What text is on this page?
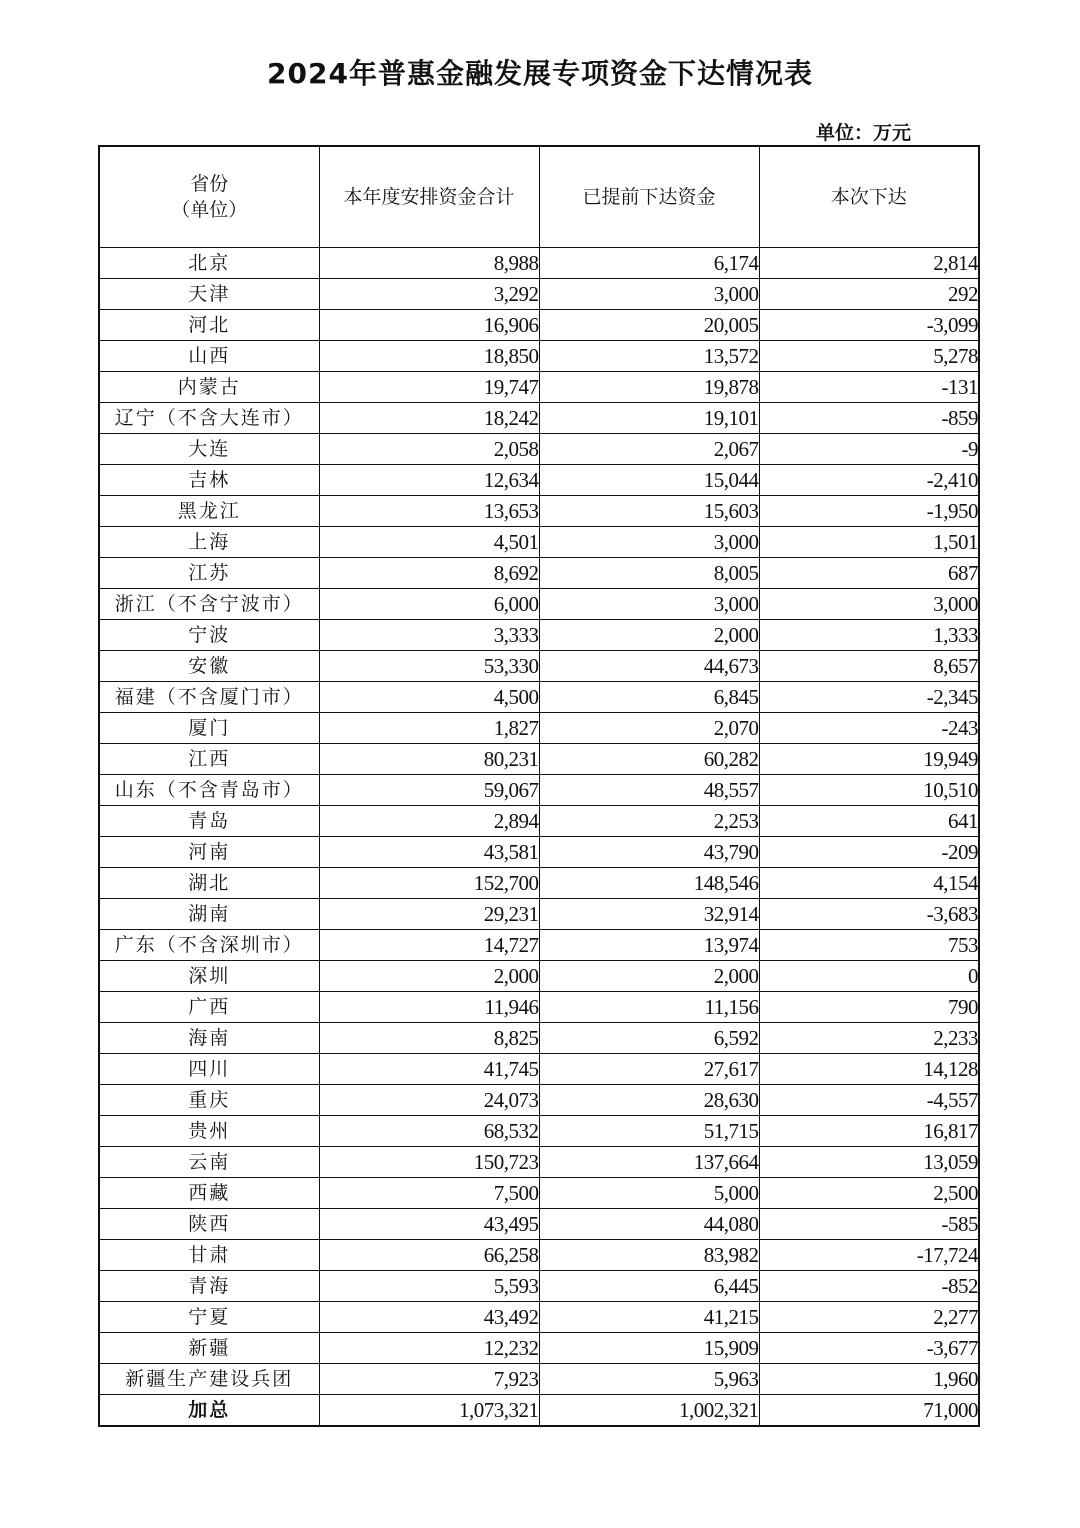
2024年普惠金融发展专项资金下达情况表
单位：万元
省份
（单位）	本年度安排资金合计	已提前下达资金	本次下达
北京	8,988	6,174	2,814
天津	3,292	3,000	292
河北	16,906	20,005	-3,099
山西	18,850	13,572	5,278
内蒙古	19,747	19,878	-131
辽宁（不含大连市）	18,242	19,101	-859
大连	2,058	2,067	-9
吉林	12,634	15,044	-2,410
黑龙江	13,653	15,603	-1,950
上海	4,501	3,000	1,501
江苏	8,692	8,005	687
浙江（不含宁波市）	6,000	3,000	3,000
宁波	3,333	2,000	1,333
安徽	53,330	44,673	8,657
福建（不含厦门市）	4,500	6,845	-2,345
厦门	1,827	2,070	-243
江西	80,231	60,282	19,949
山东（不含青岛市）	59,067	48,557	10,510
青岛	2,894	2,253	641
河南	43,581	43,790	-209
湖北	152,700	148,546	4,154
湖南	29,231	32,914	-3,683
广东（不含深圳市）	14,727	13,974	753
深圳	2,000	2,000	0
广西	11,946	11,156	790
海南	8,825	6,592	2,233
四川	41,745	27,617	14,128
重庆	24,073	28,630	-4,557
贵州	68,532	51,715	16,817
云南	150,723	137,664	13,059
西藏	7,500	5,000	2,500
陕西	43,495	44,080	-585
甘肃	66,258	83,982	-17,724
青海	5,593	6,445	-852
宁夏	43,492	41,215	2,277
新疆	12,232	15,909	-3,677
新疆生产建设兵团	7,923	5,963	1,960
加总	1,073,321	1,002,321	71,000
